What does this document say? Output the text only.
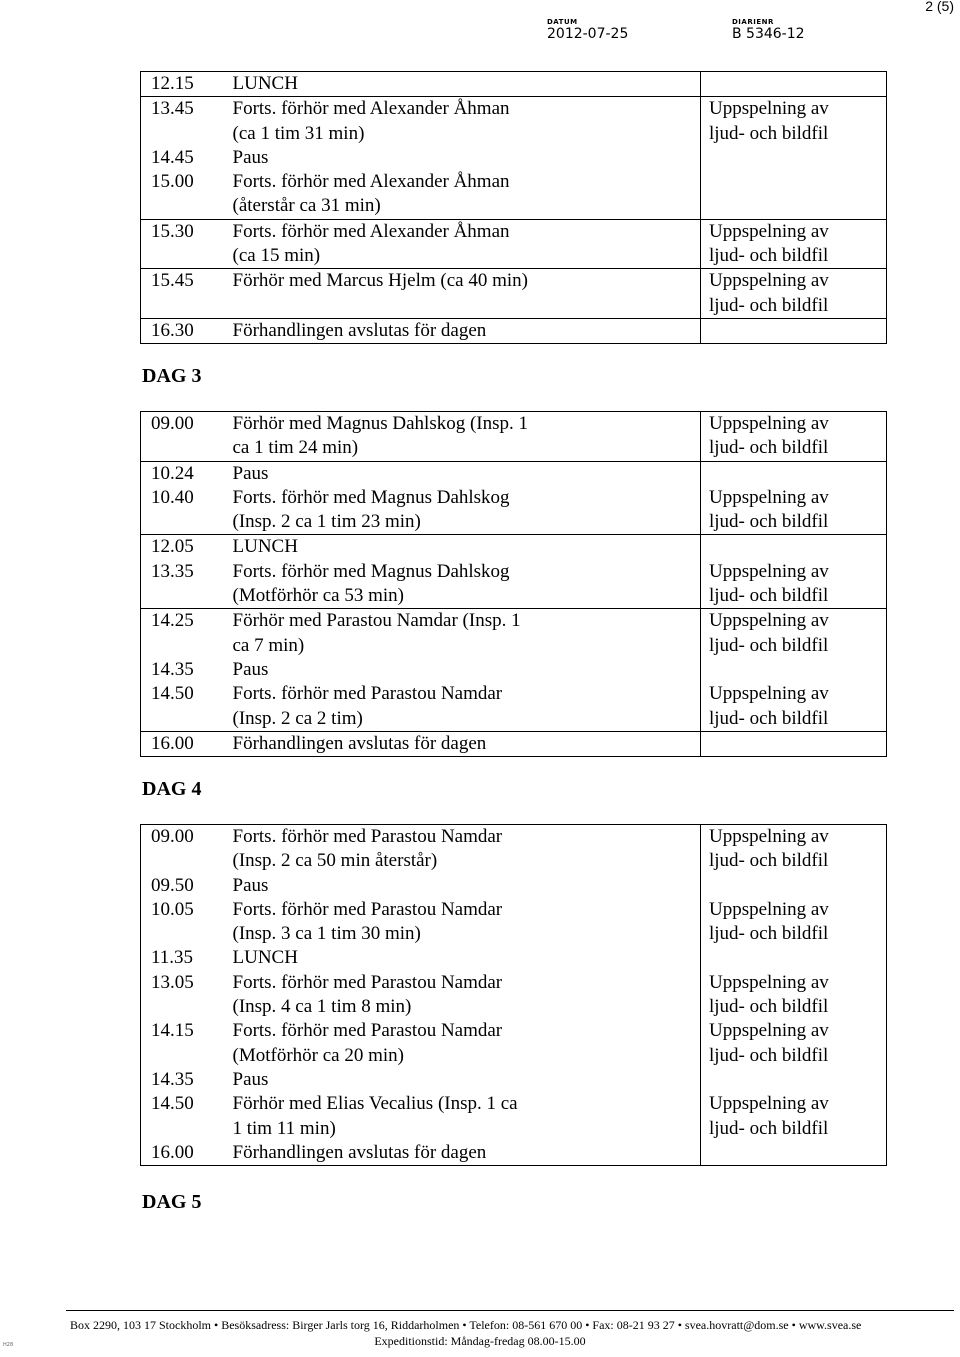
2 (5)
DATUM
2012-07-25
DIARIENR
B 5346-12
12.15	LUNCH	
13.45	Forts. förhör med Alexander Åhman
(ca 1 tim 31 min)	Uppspelning av
ljud- och bildfil
14.45	Paus	
15.00	Forts. förhör med Alexander Åhman
(återstår ca 31 min)	
15.30	Forts. förhör med Alexander Åhman
(ca 15 min)	Uppspelning av
ljud- och bildfil
15.45	Förhör med Marcus Hjelm (ca 40 min)	Uppspelning av
ljud- och bildfil
16.30	Förhandlingen avslutas för dagen	
DAG 3
09.00	Förhör med Magnus Dahlskog (Insp. 1
ca 1 tim 24 min)	Uppspelning av
ljud- och bildfil
10.24	Paus	
10.40	Forts. förhör med Magnus Dahlskog
(Insp. 2 ca 1 tim 23 min)	Uppspelning av
ljud- och bildfil
12.05	LUNCH	
13.35	Forts. förhör med Magnus Dahlskog
(Motförhör ca 53 min)	Uppspelning av
ljud- och bildfil
14.25	Förhör med Parastou Namdar (Insp. 1
ca 7 min)	Uppspelning av
ljud- och bildfil
14.35	Paus	
14.50	Forts. förhör med Parastou Namdar
(Insp. 2 ca 2 tim)	Uppspelning av
ljud- och bildfil
16.00	Förhandlingen avslutas för dagen	
DAG 4
09.00	Forts. förhör med Parastou Namdar
(Insp. 2 ca 50 min återstår)	Uppspelning av
ljud- och bildfil
09.50	Paus	
10.05	Forts. förhör med Parastou Namdar
(Insp. 3 ca 1 tim 30 min)	Uppspelning av
ljud- och bildfil
11.35	LUNCH	
13.05	Forts. förhör med Parastou Namdar
(Insp. 4 ca 1 tim 8 min)	Uppspelning av
ljud- och bildfil
14.15	Forts. förhör med Parastou Namdar
(Motförhör ca 20 min)	Uppspelning av
ljud- och bildfil
14.35	Paus	
14.50	Förhör med Elias Vecalius (Insp. 1 ca
1 tim 11 min)	Uppspelning av
ljud- och bildfil
16.00	Förhandlingen avslutas för dagen	
DAG 5
Box 2290, 103 17 Stockholm • Besöksadress: Birger Jarls torg 16, Riddarholmen • Telefon: 08-561 670 00 • Fax: 08-21 93 27 • svea.hovratt@dom.se • www.svea.se
Expeditionstid: Måndag-fredag 08.00-15.00
H28
